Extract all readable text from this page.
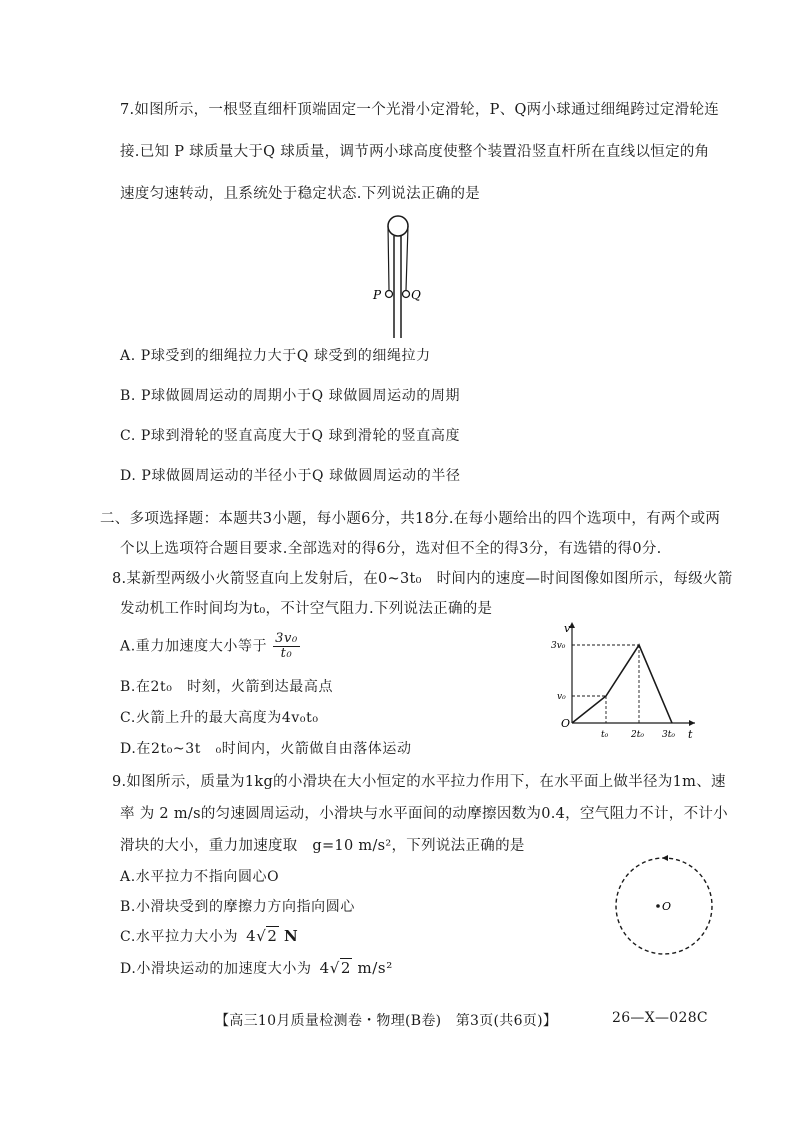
7.如图所示，一根竖直细杆顶端固定一个光滑小定滑轮，P、Q两小球通过细绳跨过定滑轮连
接.已知 P 球质量大于Q 球质量，调节两小球高度使整个装置沿竖直杆所在直线以恒定的角
速度匀速转动，且系统处于稳定状态.下列说法正确的是
P Q
A. P球受到的细绳拉力大于Q 球受到的细绳拉力
B. P球做圆周运动的周期小于Q 球做圆周运动的周期
C. P球到滑轮的竖直高度大于Q 球到滑轮的竖直高度
D. P球做圆周运动的半径小于Q 球做圆周运动的半径
二、多项选择题：本题共3小题，每小题6分，共18分.在每小题给出的四个选项中，有两个或两
个以上选项符合题目要求.全部选对的得6分，选对但不全的得3分，有选错的得0分.
8.某新型两级小火箭竖直向上发射后，在0~3t₀　时间内的速度—时间图像如图所示，每级火箭
发动机工作时间均为t₀，不计空气阻力.下列说法正确的是
A.重力加速度大小等于 $\frac{\text{3v₀}}{\text{t₀}}$
B.在2t₀　时刻，火箭到达最高点
C.火箭上升的最大高度为4v₀t₀
D.在2t₀~3t　₀时间内，火箭做自由落体运动
v
t
O
3v₀
v₀
t₀	2t₀ 3t₀
9.如图所示，质量为1kg的小滑块在大小恒定的水平拉力作用下，在水平面上做半径为1m、速
率 为 2 m/s的匀速圆周运动，小滑块与水平面间的动摩擦因数为0.4，空气阻力不计，不计小
滑块的大小，重力加速度取　g=10 m/s²，下列说法正确的是
A.水平拉力不指向圆心O
B.小滑块受到的摩擦力方向指向圆心
C.水平拉力大小为 4√2 N
D.小滑块运动的加速度大小为 4√2 m/s²
O
【高三10月质量检测卷・物理(B卷)　第3页(共6页)】	26—X—028C
